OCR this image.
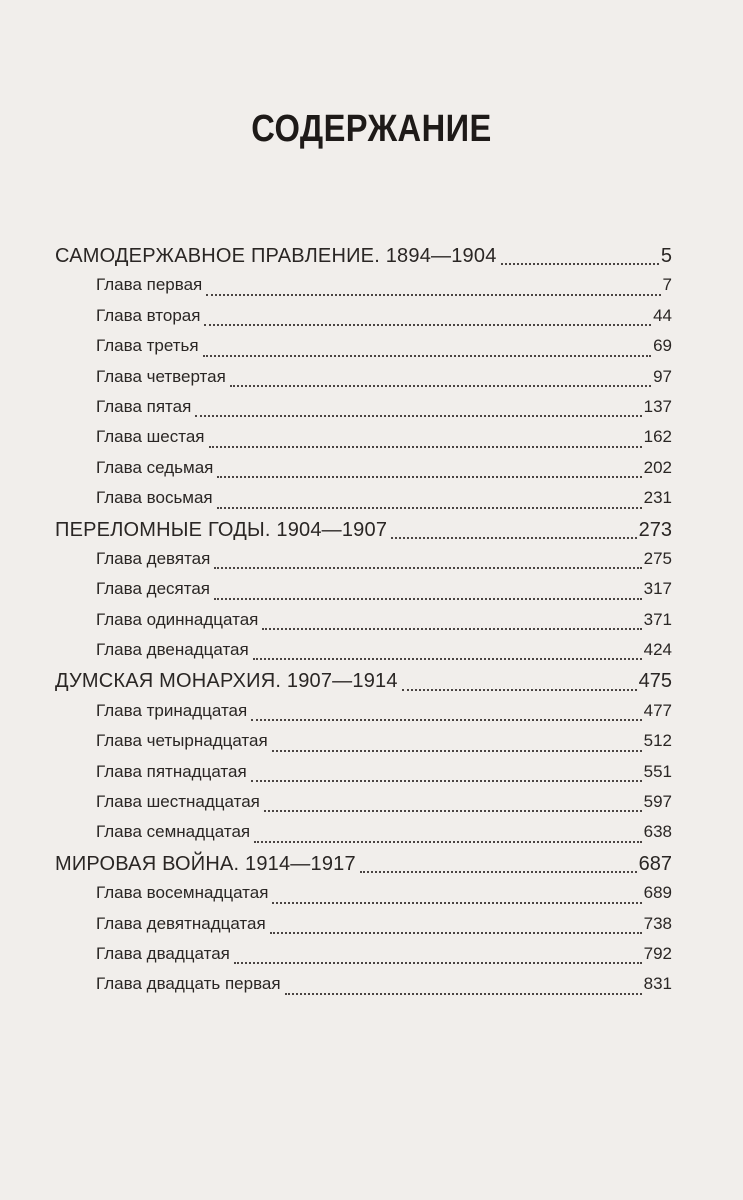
СОДЕРЖАНИЕ
САМОДЕРЖАВНОЕ ПРАВЛЕНИЕ. 1894—1904	5
Глава первая	7
Глава вторая	44
Глава третья	69
Глава четвертая	97
Глава пятая	137
Глава шестая	162
Глава седьмая	202
Глава восьмая	231
ПЕРЕЛОМНЫЕ ГОДЫ. 1904—1907	273
Глава девятая	275
Глава десятая	317
Глава одиннадцатая	371
Глава двенадцатая	424
ДУМСКАЯ МОНАРХИЯ. 1907—1914	475
Глава тринадцатая	477
Глава четырнадцатая	512
Глава пятнадцатая	551
Глава шестнадцатая	597
Глава семнадцатая	638
МИРОВАЯ ВОЙНА. 1914—1917	687
Глава восемнадцатая	689
Глава девятнадцатая	738
Глава двадцатая	792
Глава двадцать первая	831
